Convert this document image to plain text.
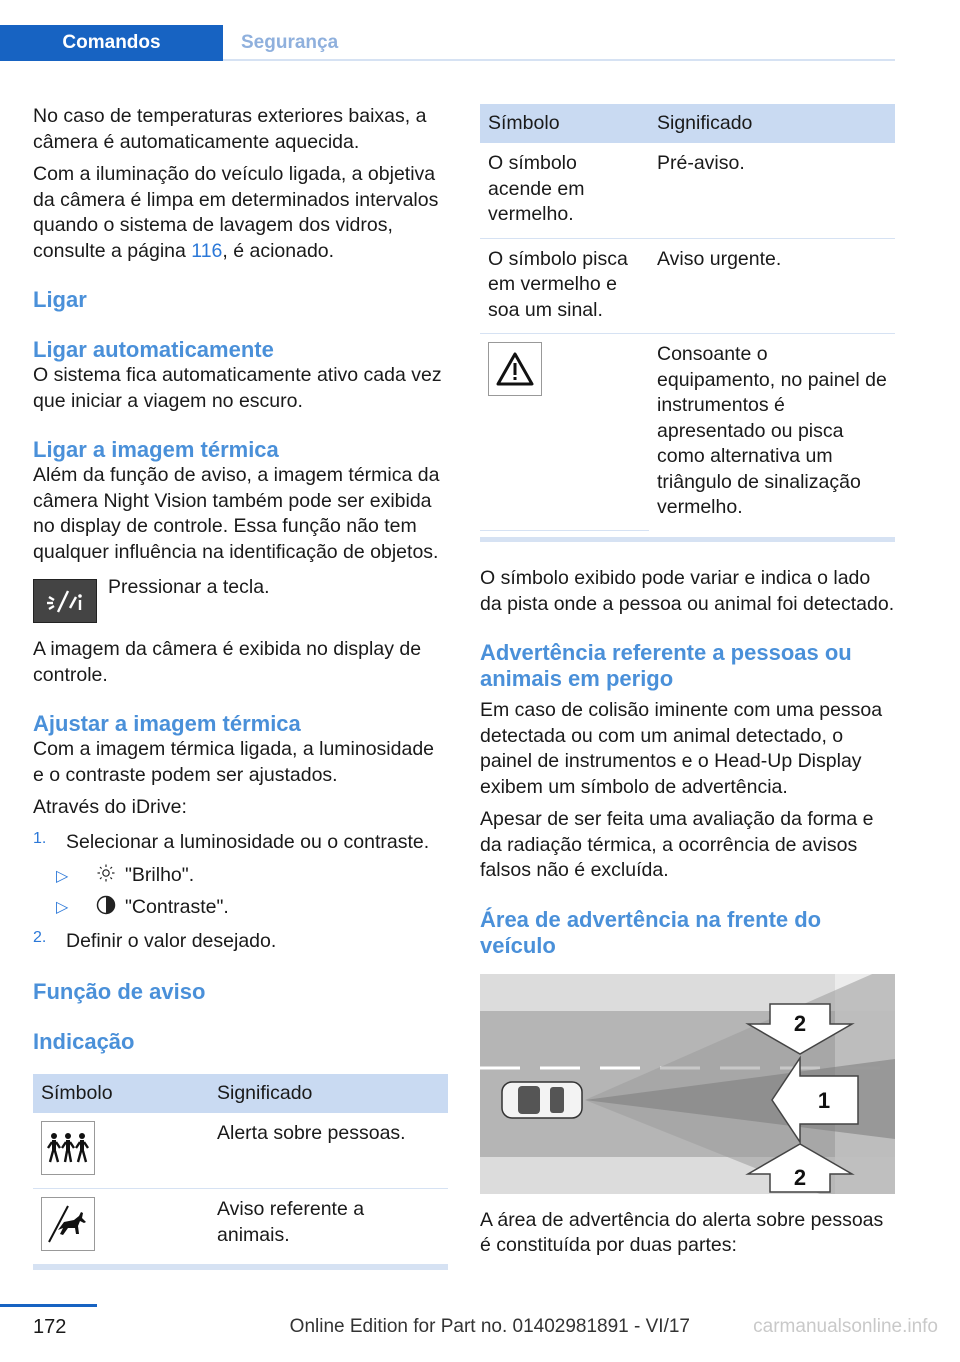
Comandos	Segurança

No caso de temperaturas exteriores baixas, a câmera é automaticamente aquecida.

Com a iluminação do veículo ligada, a objetiva da câmera é limpa em determinados intervalos quando o sistema de lavagem dos vidros, consulte a página 116, é acionado.

Ligar
Ligar automaticamente

O sistema fica automaticamente ativo cada vez que iniciar a viagem no escuro.

Ligar a imagem térmica

Além da função de aviso, a imagem térmica da câmera Night Vision também pode ser exibida no display de controle. Essa função não tem qualquer influência na identificação de objetos.

Pressionar a tecla.

A imagem da câmera é exibida no display de controle.

Ajustar a imagem térmica

Com a imagem térmica ligada, a luminosidade e o contraste podem ser ajustados.

Através do iDrive:

1.	Selecionar a luminosidade ou o contraste.

▷	"Brilho".

▷	"Contraste".

2.	Definir o valor desejado.

Função de aviso
Indicação
Símbolo	Significado

	Alerta sobre pessoas.

	Aviso referente a animais.
Símbolo	Significado
O símbolo acende em vermelho.	Pré-aviso.
O símbolo pisca em vermelho e soa um sinal.	Aviso urgente.

	Consoante o equipamento, no painel de instrumentos é apresentado ou pisca como alternativa um triângulo de sinalização vermelho.

O símbolo exibido pode variar e indica o lado da pista onde a pessoa ou animal foi detectado.

Advertência referente a pessoas ou animais em perigo

Em caso de colisão iminente com uma pessoa detectada ou com um animal detectado, o painel de instrumentos e o Head-Up Display exibem um símbolo de advertência.

Apesar de ser feita uma avaliação da forma e da radiação térmica, a ocorrência de avisos falsos não é excluída.

Área de advertência na frente do veículo
2
1
2

A área de advertência do alerta sobre pessoas é constituída por duas partes:

172	Online Edition for Part no. 01402981891 - VI/17	carmanualsonline.info
